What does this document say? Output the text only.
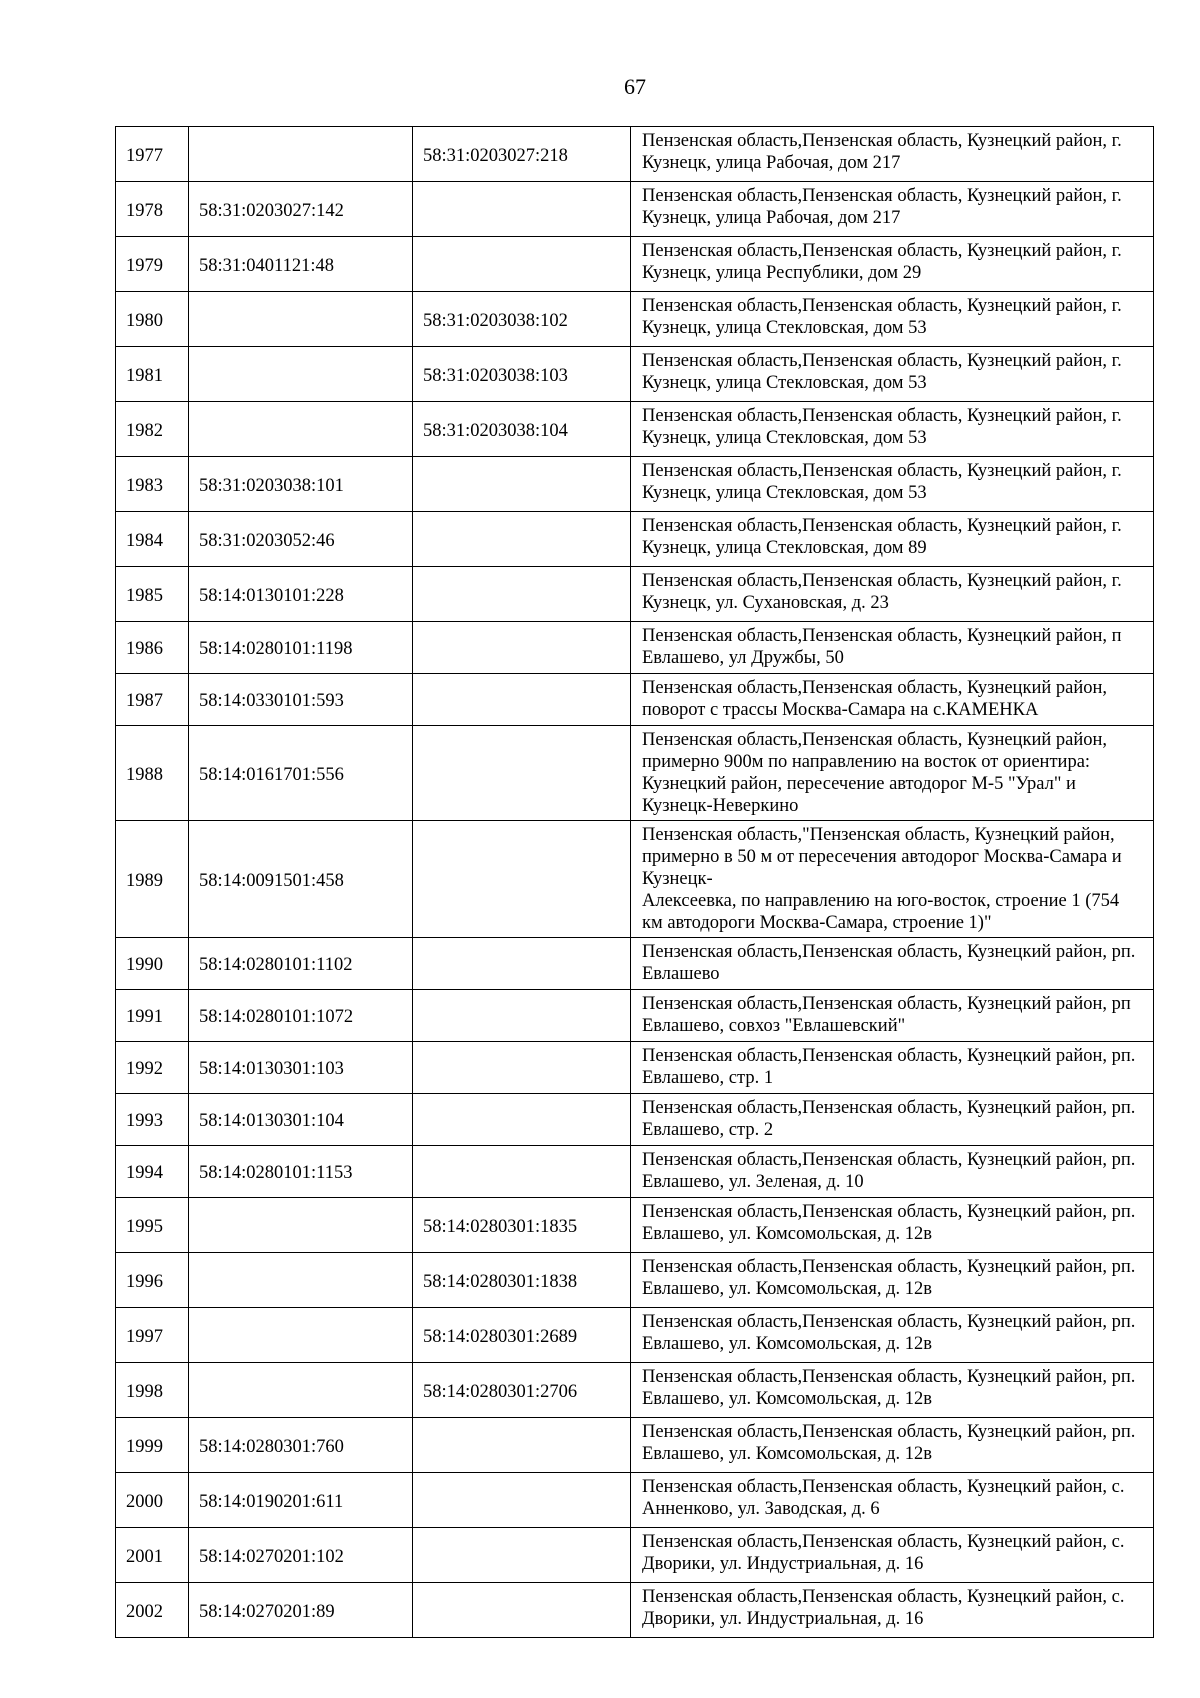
67
1977		58:31:0203027:218	Пензенская область,Пензенская область, Кузнецкий район, г. Кузнецк, улица Рабочая, дом 217
1978	58:31:0203027:142		Пензенская область,Пензенская область, Кузнецкий район, г. Кузнецк, улица Рабочая, дом 217
1979	58:31:0401121:48		Пензенская область,Пензенская область, Кузнецкий район, г. Кузнецк, улица Республики, дом 29
1980		58:31:0203038:102	Пензенская область,Пензенская область, Кузнецкий район, г. Кузнецк, улица Стекловская, дом 53
1981		58:31:0203038:103	Пензенская область,Пензенская область, Кузнецкий район, г. Кузнецк, улица Стекловская, дом 53
1982		58:31:0203038:104	Пензенская область,Пензенская область, Кузнецкий район, г. Кузнецк, улица Стекловская, дом 53
1983	58:31:0203038:101		Пензенская область,Пензенская область, Кузнецкий район, г. Кузнецк, улица Стекловская, дом 53
1984	58:31:0203052:46		Пензенская область,Пензенская область, Кузнецкий район, г. Кузнецк, улица Стекловская, дом 89
1985	58:14:0130101:228		Пензенская область,Пензенская область, Кузнецкий район, г. Кузнецк, ул. Сухановская, д. 23
1986	58:14:0280101:1198		Пензенская область,Пензенская область, Кузнецкий район, п Евлашево, ул Дружбы, 50
1987	58:14:0330101:593		Пензенская область,Пензенская область, Кузнецкий район, поворот с трассы Москва-Самара на с.КАМЕНКА
1988	58:14:0161701:556		Пензенская область,Пензенская область, Кузнецкий район, примерно 900м по направлению на восток от ориентира: Кузнецкий район, пересечение автодорог М-5 "Урал" и Кузнецк-Неверкино
1989	58:14:0091501:458		Пензенская область,"Пензенская область, Кузнецкий район, примерно в 50 м от пересечения автодорог Москва-Самара и Кузнецк-
Алексеевка, по направлению на юго-восток, строение 1 (754 км автодороги Москва-Самара, строение 1)"
1990	58:14:0280101:1102		Пензенская область,Пензенская область, Кузнецкий район, рп. Евлашево
1991	58:14:0280101:1072		Пензенская область,Пензенская область, Кузнецкий район, рп Евлашево, совхоз "Евлашевский"
1992	58:14:0130301:103		Пензенская область,Пензенская область, Кузнецкий район, рп. Евлашево, стр. 1
1993	58:14:0130301:104		Пензенская область,Пензенская область, Кузнецкий район, рп. Евлашево, стр. 2
1994	58:14:0280101:1153		Пензенская область,Пензенская область, Кузнецкий район, рп. Евлашево, ул. Зеленая, д. 10
1995		58:14:0280301:1835	Пензенская область,Пензенская область, Кузнецкий район, рп. Евлашево, ул. Комсомольская, д. 12в
1996		58:14:0280301:1838	Пензенская область,Пензенская область, Кузнецкий район, рп. Евлашево, ул. Комсомольская, д. 12в
1997		58:14:0280301:2689	Пензенская область,Пензенская область, Кузнецкий район, рп. Евлашево, ул. Комсомольская, д. 12в
1998		58:14:0280301:2706	Пензенская область,Пензенская область, Кузнецкий район, рп. Евлашево, ул. Комсомольская, д. 12в
1999	58:14:0280301:760		Пензенская область,Пензенская область, Кузнецкий район, рп. Евлашево, ул. Комсомольская, д. 12в
2000	58:14:0190201:611		Пензенская область,Пензенская область, Кузнецкий район, с. Анненково, ул. Заводская, д. 6
2001	58:14:0270201:102		Пензенская область,Пензенская область, Кузнецкий район, с. Дворики, ул. Индустриальная, д. 16
2002	58:14:0270201:89		Пензенская область,Пензенская область, Кузнецкий район, с. Дворики, ул. Индустриальная, д. 16
